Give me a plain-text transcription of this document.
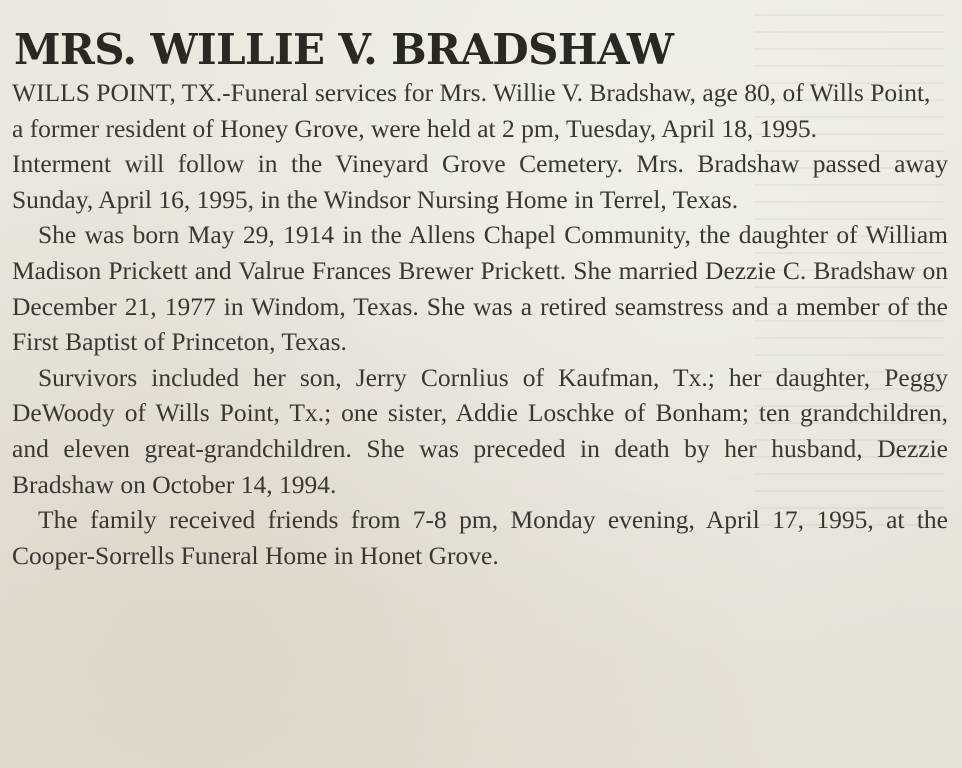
MRS. WILLIE V. BRADSHAW

WILLS POINT, TX.-Funeral services for Mrs. Willie V. Bradshaw, age 80, of Wills Point, a former resident of Honey Grove, were held at 2 pm, Tuesday, April 18, 1995.

Interment will follow in the Vineyard Grove Cemetery. Mrs. Bradshaw passed away Sunday, April 16, 1995, in the Windsor Nursing Home in Terrel, Texas.

She was born May 29, 1914 in the Allens Chapel Community, the daughter of William Madison Prickett and Valrue Frances Brewer Prickett. She married Dezzie C. Bradshaw on December 21, 1977 in Windom, Texas. She was a retired seamstress and a member of the First Baptist of Princeton, Texas.

Survivors included her son, Jerry Cornlius of Kaufman, Tx.; her daughter, Peggy DeWoody of Wills Point, Tx.; one sister, Addie Loschke of Bonham; ten grandchildren, and eleven great-grandchildren. She was preceded in death by her husband, Dezzie Bradshaw on October 14, 1994.

The family received friends from 7-8 pm, Monday evening, April 17, 1995, at the Cooper-Sorrells Funeral Home in Honet Grove.
